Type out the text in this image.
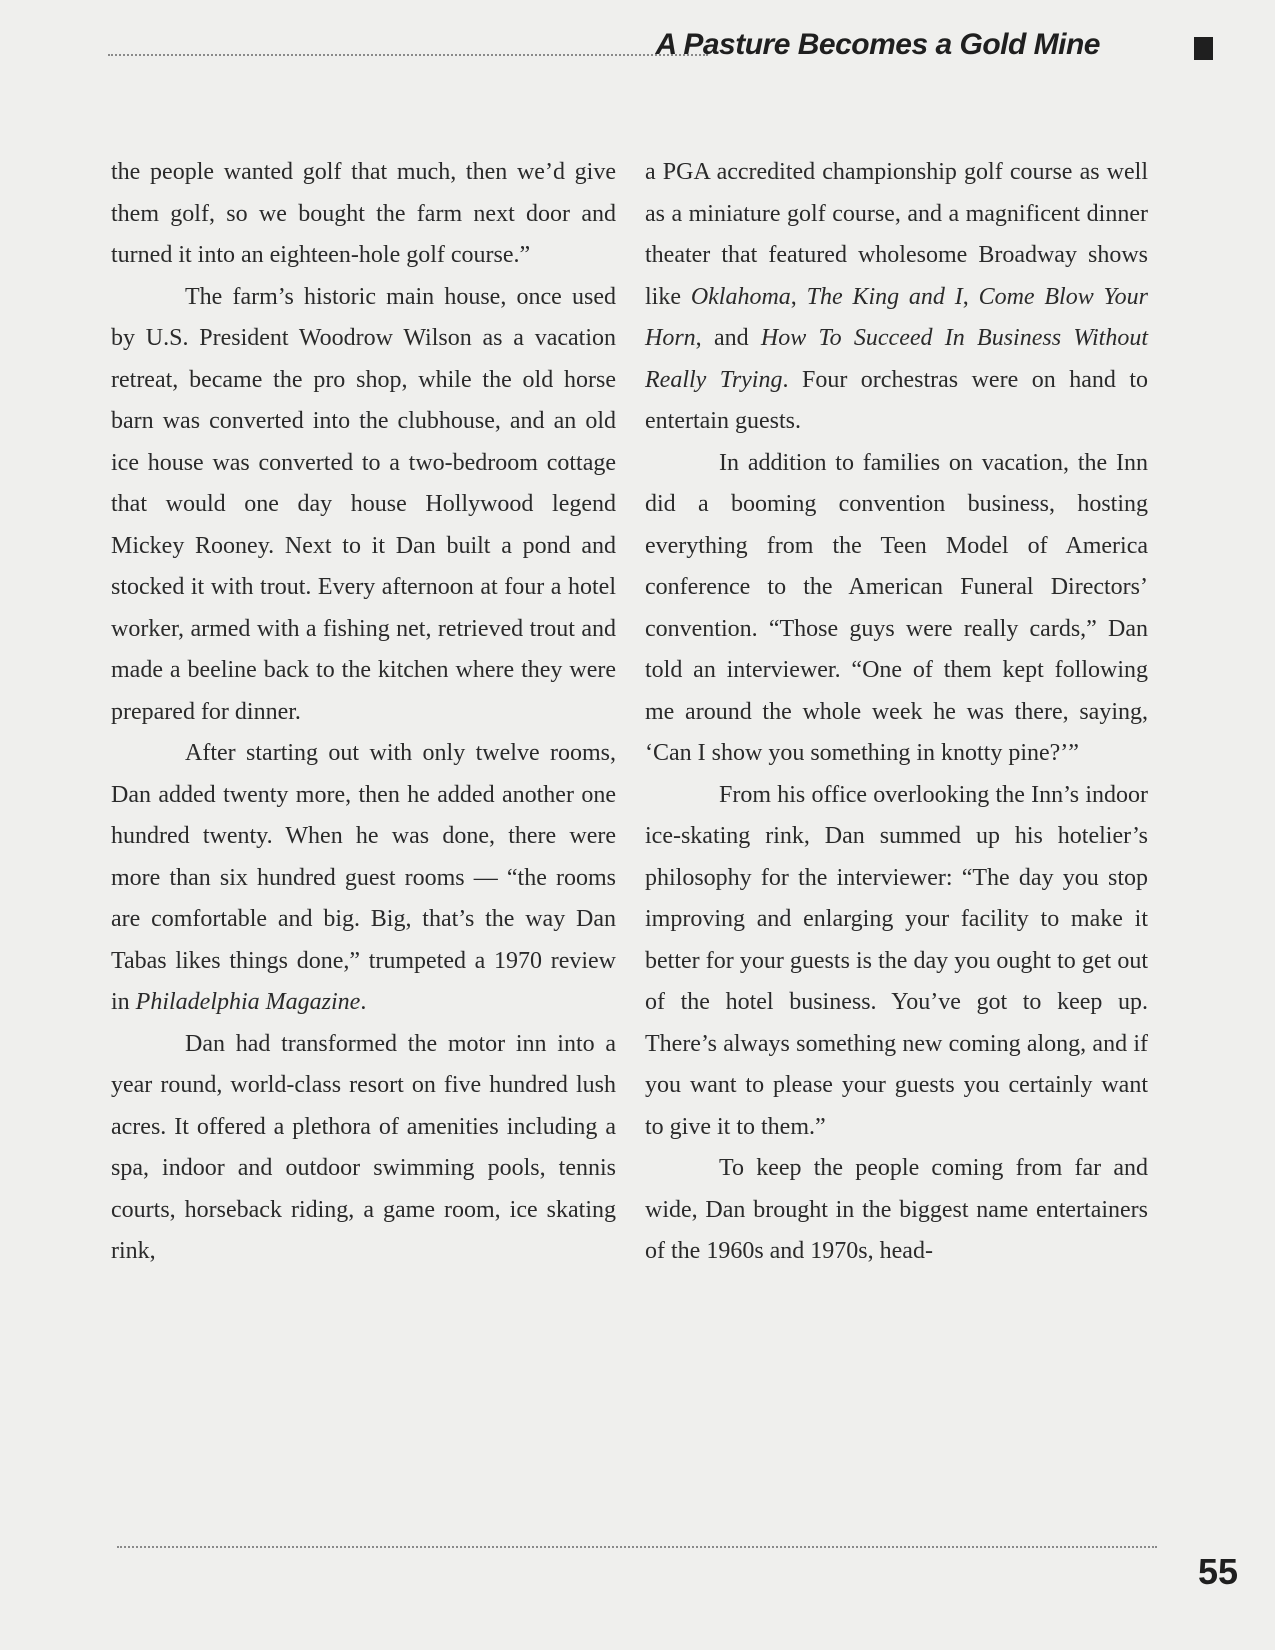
A Pasture Becomes a Gold Mine

the people wanted golf that much, then we’d give them golf, so we bought the farm next door and turned it into an eighteen-hole golf course.”

The farm’s historic main house, once used by U.S. President Woodrow Wilson as a vacation retreat, became the pro shop, while the old horse barn was converted into the clubhouse, and an old ice house was converted to a two-bedroom cottage that would one day house Hollywood legend Mickey Rooney. Next to it Dan built a pond and stocked it with trout. Every afternoon at four a hotel worker, armed with a fishing net, retrieved trout and made a beeline back to the kitchen where they were prepared for dinner.

After starting out with only twelve rooms, Dan added twenty more, then he added another one hundred twenty. When he was done, there were more than six hundred guest rooms — “the rooms are comfortable and big. Big, that’s the way Dan Tabas likes things done,” trumpeted a 1970 review in Philadelphia Magazine.

Dan had transformed the motor inn into a year round, world-class resort on five hundred lush acres. It offered a plethora of amenities including a spa, indoor and outdoor swimming pools, tennis courts, horseback riding, a game room, ice skating rink,

a PGA accredited championship golf course as well as a miniature golf course, and a magnificent dinner theater that featured wholesome Broadway shows like Oklahoma, The King and I, Come Blow Your Horn, and How To Succeed In Business Without Really Trying. Four orchestras were on hand to entertain guests.

In addition to families on vacation, the Inn did a booming convention business, hosting everything from the Teen Model of America conference to the American Funeral Directors’ convention. “Those guys were really cards,” Dan told an interviewer. “One of them kept following me around the whole week he was there, saying, ‘Can I show you something in knotty pine?’”

From his office overlooking the Inn’s indoor ice-skating rink, Dan summed up his hotelier’s philosophy for the interviewer: “The day you stop improving and enlarging your facility to make it better for your guests is the day you ought to get out of the hotel business. You’ve got to keep up. There’s always something new coming along, and if you want to please your guests you certainly want to give it to them.”

To keep the people coming from far and wide, Dan brought in the biggest name entertainers of the 1960s and 1970s, head-

55
